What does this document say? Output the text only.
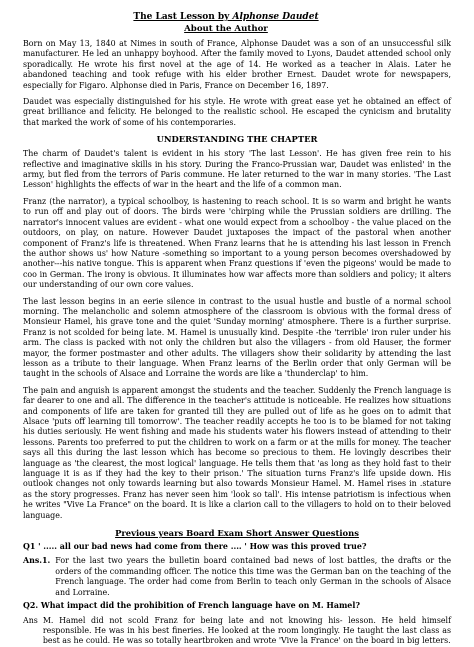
The Last Lesson by Alphonse Daudet
About the Author

Born on May 13, 1840 at Nimes in south of France, Alphonse Daudet was a son of an unsuccessful silk manufacturer. He led an unhappy boyhood. After the family moved to Lyons, Daudet attended school only sporadically. He wrote his first novel at the age of 14. He worked as a teacher in Alais. Later he abandoned teaching and took refuge with his elder brother Ernest. Daudet wrote for newspapers, especially for Figaro. Alphonse died in Paris, France on December 16, 1897.

Daudet was especially distinguished for his style. He wrote with great ease yet he obtained an effect of great brilliance and felicity. He belonged to the realistic school. He escaped the cynicism and brutality that marked the work of some of his contemporaries.

UNDERSTANDING THE CHAPTER

The charm of Daudet's talent is evident in his story 'The last Lesson'. He has given free rein to his reflective and imaginative skills in his story. During the Franco-Prussian war, Daudet was enlisted' in the army, but fled from the terrors of Paris commune. He later returned to the war in many stories. 'The Last Lesson' highlights the effects of war in the heart and the life of a common man.

Franz (the narrator), a typical schoolboy, is hastening to reach school. It is so warm and bright he wants to run off and play out of doors. The birds were 'chirping while the Prussian soldiers are drilling. The narrator's innocent values are evident - what one would expect from a schoolboy - the value placed on the outdoors, on play, on nature. However Daudet juxtaposes the impact of the pastoral when another component of Franz's life is threatened. When Franz learns that he is attending his last lesson in French the author shows us' how Nature -something so important to a young person becomes overshadowed by another---his native tongue. This is apparent when Franz questions if 'even the pigeons' would be made to coo in German. The irony is obvious. It illuminates how war affects more than soldiers and policy; it alters our understanding of our own core values.

The last lesson begins in an eerie silence in contrast to the usual hustle and bustle of a normal school morning. The melancholic and solemn atmosphere of the classroom is obvious with the formal dress of Monsieur Hamel, his grave tone and the quiet 'Sunday morning' atmosphere. There is a further surprise. Franz is not scolded for being late. M. Hamel is unusually kind. Despite -the 'terrible' iron ruler under his arm. The class is packed with not only the children but also the villagers - from old Hauser, the former mayor, the former postmaster and other adults. The villagers show their solidarity by attending the last lesson as a tribute to their language. When Franz learns of the Berlin order that only German will be taught in the schools of Alsace and Lorraine the words are like a 'thunderclap' to him.

The pain and anguish is apparent amongst the students and the teacher. Suddenly the French language is far dearer to one and all. The difference in the teacher's attitude is noticeable. He realizes how situations and components of life are taken for granted till they are pulled out of life as he goes on to admit that Alsace 'puts off learning till tomorrow'. The teacher readily accepts he too is to be blamed for not taking his duties seriously. He went fishing and made his students water his flowers instead of attending to their lessons. Parents too preferred to put the children to work on a farm or at the mills for money. The teacher says all this during the last lesson which has become so precious to them. He lovingly describes their language as 'the clearest, the most logical' language. He tells them that 'as long as they hold fast to their language it is as if they had the key to their prison.' The situation turns Franz's life upside down. His outlook changes not only towards learning but also towards Monsieur Hamel. M. Hamel rises in .stature as the story progresses. Franz has never seen him 'look so tall'. His intense patriotism is infectious when he writes "Vive La France" on the board. It is like a clarion call to the villagers to hold on to their beloved language.

Previous years Board Exam Short Answer Questions
Q1 ' ..... all our bad news had come from there .... ' How was this proved true?
Ans.1. For the last two years the bulletin board contained bad news of lost battles, the drafts or the orders of the commanding officer. The notice this time was the German ban on the teaching of the French language. The order had come from Berlin to teach only German in the schools of Alsace and Lorraine.
Q2. What impact did the prohibition of French language have on M. Hamel?
Ans M. Hamel did not scold Franz for being late and not knowing his- lesson. He held himself responsible. He was in his best fineries. He looked at the room longingly. He taught the last class as best as he could. He was so totally heartbroken and wrote 'Vive la France' on the board in big letters.
